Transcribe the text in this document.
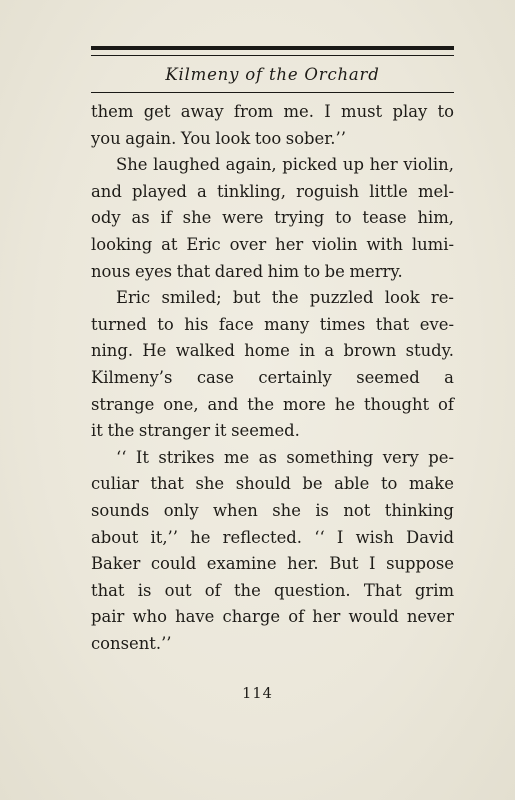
Kilmeny of the Orchard
them get away from me. I must play to
you again. You look too sober.’’
She laughed again, picked up her violin,
and played a tinkling, roguish little mel-
ody as if she were trying to tease him,
looking at Eric over her violin with lumi-
nous eyes that dared him to be merry.
Eric smiled; but the puzzled look re-
turned to his face many times that eve-
ning. He walked home in a brown study.
Kilmeny’s case certainly seemed a
strange one, and the more he thought of
it the stranger it seemed.
‘‘ It strikes me as something very pe-
culiar that she should be able to make
sounds only when she is not thinking
about it,’’ he reflected. ‘‘ I wish David
Baker could examine her. But I suppose
that is out of the question. That grim
pair who have charge of her would never
consent.’’
114
